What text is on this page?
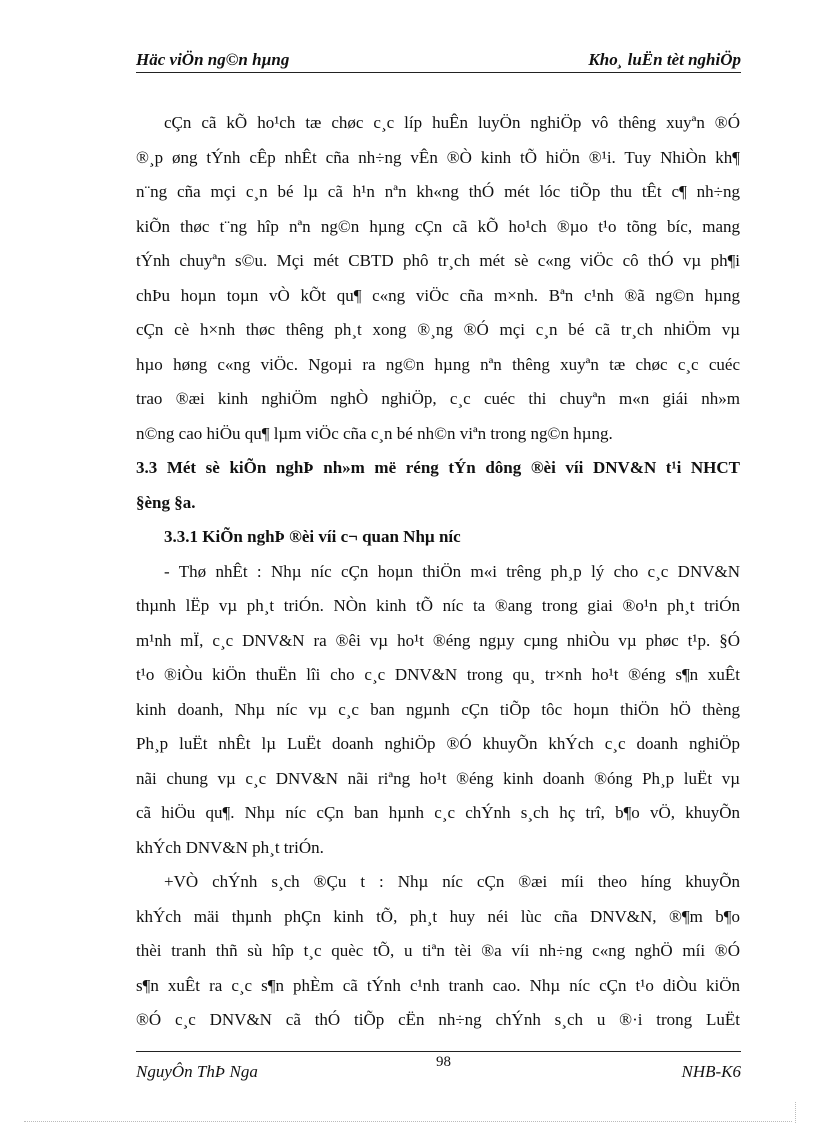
Häc viÖn ng©n hµng	Kho¸ luËn tèt nghiÖp
cÇn cã kÕ ho¹ch tæ chøc c¸c líp huÊn luyÖn nghiÖp vô thêng xuyªn ®Ó
®¸p øng tÝnh cÊp nhÊt cña nh÷ng vÊn ®Ò kinh tÕ hiÖn ®¹i. Tuy NhiÒn kh¶
n¨ng cña mçi c¸n bé lµ cã h¹n nªn kh«ng thÓ mét lóc tiÕp thu tÊt c¶ nh÷ng
kiÕn thøc t¨ng hîp nªn ng©n hµng cÇn cã kÕ ho¹ch ®µo t¹o tõng bíc, mang
tÝnh chuyªn s©u. Mçi mét CBTD phô tr¸ch mét sè c«ng viÖc cô thÓ vµ ph¶i
chÞu hoµn toµn vÒ kÕt qu¶ c«ng viÖc cña m×nh. Bªn c¹nh ®ã ng©n hµng
cÇn cè h×nh thøc thêng ph¸t xong ®¸ng ®Ó mçi c¸n bé cã tr¸ch nhiÖm vµ
hµo høng c«ng viÖc. Ngoµi ra ng©n hµng nªn thêng xuyªn tæ chøc c¸c cuéc
trao ®æi kinh nghiÖm nghÒ nghiÖp, c¸c cuéc thi chuyªn m«n giái nh»m
n©ng cao hiÖu qu¶ lµm viÖc cña c¸n bé nh©n viªn trong ng©n hµng.
3.3 Mét sè kiÕn nghÞ nh»m më réng tÝn dông ®èi víi DNV&N t¹i NHCT
§èng §a.
3.3.1 KiÕn nghÞ ®èi víi c¬ quan Nhµ níc
- Thø nhÊt : Nhµ níc cÇn hoµn thiÖn m«i trêng ph¸p lý cho c¸c DNV&N
thµnh lËp vµ ph¸t triÓn. NÒn kinh tÕ níc ta ®ang trong giai ®o¹n ph¸t triÓn
m¹nh mÏ, c¸c DNV&N ra ®êi vµ ho¹t ®éng ngµy cµng nhiÒu vµ phøc t¹p. §Ó
t¹o ®iÒu kiÖn thuËn lîi cho c¸c DNV&N trong qu¸ tr×nh ho¹t ®éng s¶n xuÊt
kinh doanh, Nhµ níc vµ c¸c ban ngµnh cÇn tiÕp tôc hoµn thiÖn hÖ thèng
Ph¸p luËt nhÊt lµ LuËt doanh nghiÖp ®Ó khuyÕn khÝch c¸c doanh nghiÖp
nãi chung vµ c¸c DNV&N nãi riªng ho¹t ®éng kinh doanh ®óng Ph¸p luËt vµ
cã hiÖu qu¶. Nhµ níc cÇn ban hµnh c¸c chÝnh s¸ch hç trî, b¶o vÖ, khuyÕn
khÝch DNV&N ph¸t triÓn.
+VÒ chÝnh s¸ch ®Çu t : Nhµ níc cÇn ®æi míi theo híng khuyÕn
khÝch mäi thµnh phÇn kinh tÕ, ph¸t huy néi lùc cña DNV&N, ®¶m b¶o
thèi tranh thñ sù hîp t¸c quèc tÕ, u tiªn tèi ®a víi nh÷ng c«ng nghÖ míi ®Ó
s¶n xuÊt ra c¸c s¶n phÈm cã tÝnh c¹nh tranh cao. Nhµ níc cÇn t¹o diÒu kiÖn
®Ó c¸c DNV&N cã thÓ tiÕp cËn nh÷ng chÝnh s¸ch u ®·i trong LuËt
NguyÔn ThÞ Nga	98	NHB-K6
